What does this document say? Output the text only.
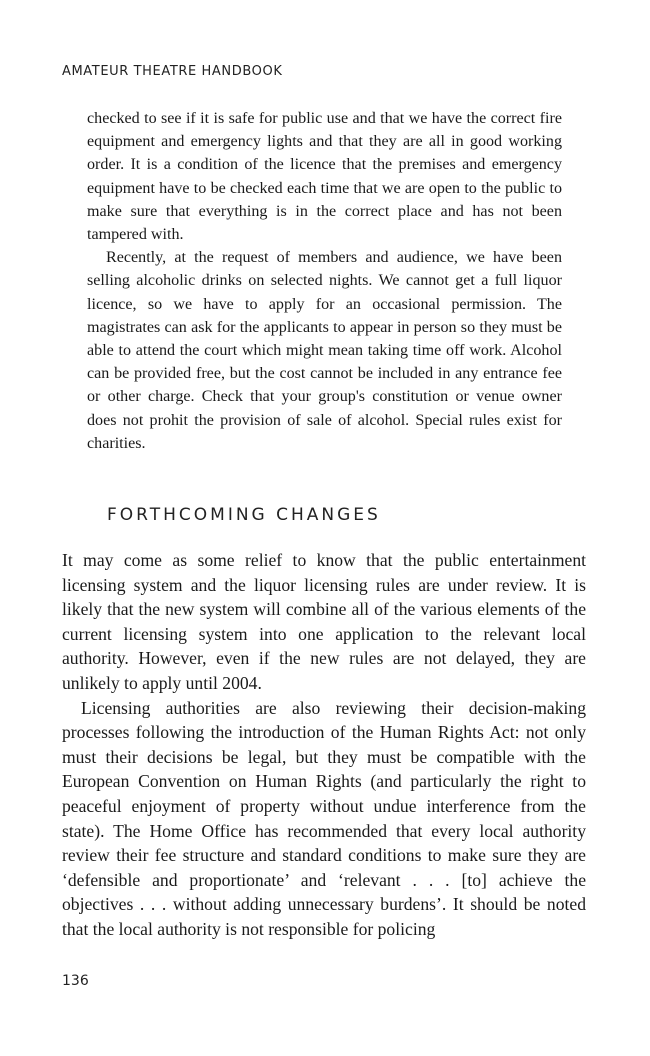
AMATEUR THEATRE HANDBOOK

checked to see if it is safe for public use and that we have the correct fire equipment and emergency lights and that they are all in good working order. It is a condition of the licence that the premises and emergency equipment have to be checked each time that we are open to the public to make sure that everything is in the correct place and has not been tampered with.

Recently, at the request of members and audience, we have been selling alcoholic drinks on selected nights. We cannot get a full liquor licence, so we have to apply for an occasional permission. The magistrates can ask for the applicants to appear in person so they must be able to attend the court which might mean taking time off work. Alcohol can be provided free, but the cost cannot be included in any entrance fee or other charge. Check that your group's constitution or venue owner does not prohit the provision of sale of alcohol. Special rules exist for charities.

FORTHCOMING CHANGES

It may come as some relief to know that the public entertainment licensing system and the liquor licensing rules are under review. It is likely that the new system will combine all of the various elements of the current licensing system into one application to the relevant local authority. However, even if the new rules are not delayed, they are unlikely to apply until 2004.

Licensing authorities are also reviewing their decision-making processes following the introduction of the Human Rights Act: not only must their decisions be legal, but they must be compatible with the European Convention on Human Rights (and particularly the right to peaceful enjoyment of property without undue interference from the state). The Home Office has recommended that every local authority review their fee structure and standard conditions to make sure they are ‘defensible and proportionate’ and ‘relevant . . . [to] achieve the objectives . . . without adding unnecessary burdens’. It should be noted that the local authority is not responsible for policing

136
